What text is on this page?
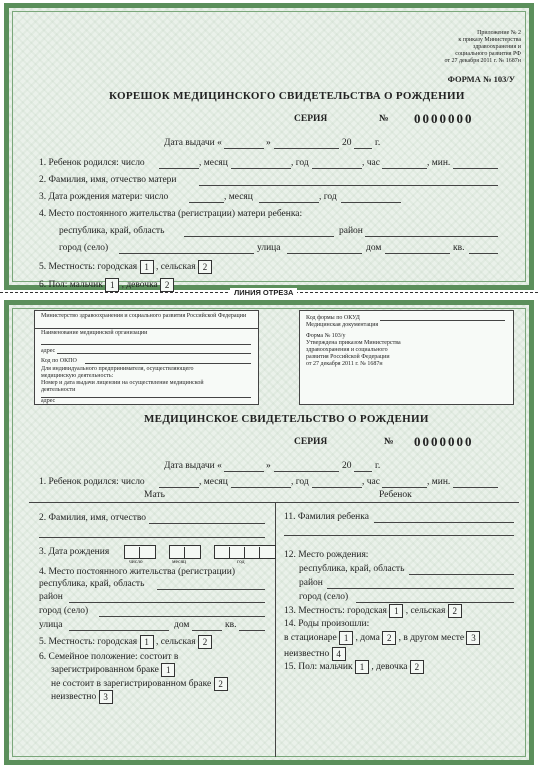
Приложение № 2
к приказу Министерства
здравоохранения и
социального развития РФ
от 27 декабря 2011 г. № 1687н
ФОРМА № 103/У
КОРЕШОК МЕДИЦИНСКОГО СВИДЕТЕЛЬСТВА О РОЖДЕНИИ
СЕРИЯ	№ 0000000
Дата выдачи «	»	20 г.
1. Ребенок родился: число	, месяц	, год	, час	, мин.
2. Фамилия, имя, отчество матери
3. Дата рождения матери: число	, месяц	, год
4. Место постоянного жительства (регистрации) матери ребенка:
республика, край, область	район
город (село)	улица	дом	кв.
5. Местность: городская 1 , сельская 2
6. Пол: мальчик 1 , девочка 2
ЛИНИЯ ОТРЕЗА
Министерство здравоохранения и социального развития Российской Федерации
Наименование медицинской организации
адрес
Код по ОКПО
Для индивидуального предпринимателя, осуществляющего
медицинскую деятельность:
Номер и дата выдачи лицензии на осуществление медицинской
деятельности
адрес
Код формы по ОКУД
Медицинская документация
Форма № 103/у
Утверждена приказом Министерства
здравоохранения и социального
развития Российской Федерации
от 27 декабря 2011 г. № 1687н
МЕДИЦИНСКОЕ СВИДЕТЕЛЬСТВО О РОЖДЕНИИ
СЕРИЯ	№ 0000000
Дата выдачи «	»	20 г.
1. Ребенок родился: число	, месяц	, год	, час	, мин.
Мать	Ребенок
2. Фамилия, имя, отчество
3. Дата рождения
число	месяц	год
4. Место постоянного жительства (регистрации)
республика, край, область
район
город (село)
улица	дом	кв.
5. Местность: городская 1 , сельская 2
6. Семейное положение: состоит в
зарегистрированном браке 1
не состоит в зарегистрированном браке 2
неизвестно 3
11. Фамилия ребенка
12. Место рождения:
республика, край, область
район
город (село)
13. Местность: городская 1 , сельская 2
14. Роды произошли:
в стационаре 1 , дома 2 , в другом месте 3
неизвестно 4
15. Пол: мальчик 1 , девочка 2
